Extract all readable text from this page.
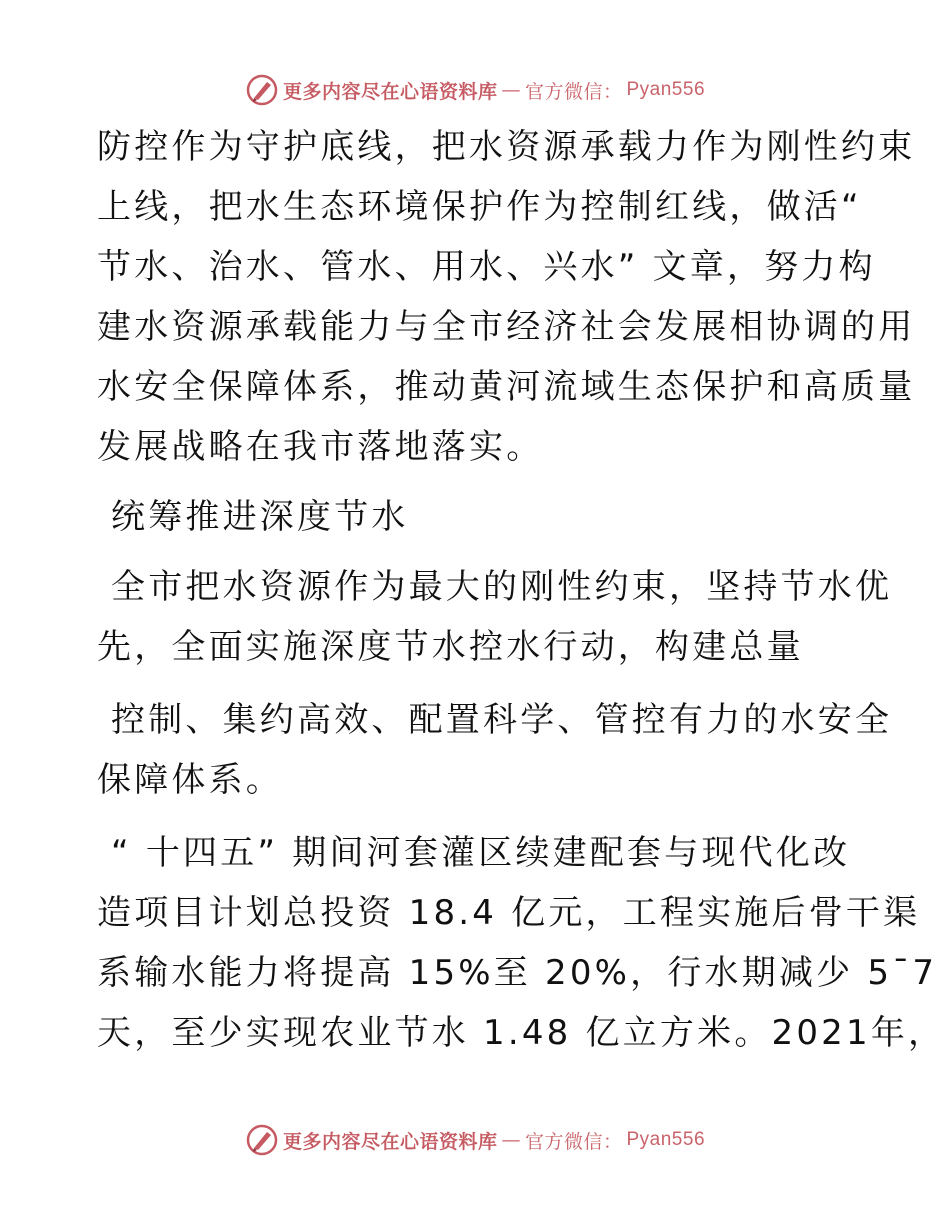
更多内容尽在心语资料库 — 官方微信： Pyan556
防控作为守护底线，把水资源承载力作为刚性约束
上线，把水生态环境保护作为控制红线，做活“
节水、治水、管水、用水、兴水” 文章，努力构
建水资源承载能力与全市经济社会发展相协调的用
水安全保障体系，推动黄河流域生态保护和高质量
发展战略在我市落地落实。
统筹推进深度节水
全市把水资源作为最大的刚性约束，坚持节水优
先，全面实施深度节水控水行动，构建总量
控制、集约高效、配置科学、管控有力的水安全
保障体系。
“ 十四五” 期间河套灌区续建配套与现代化改
造项目计划总投资 18.4 亿元，工程实施后骨干渠
系输水能力将提高 15%至 20%，行水期减少 5¯7
天，至少实现农业节水 1.48 亿立方米。2021年，
更多内容尽在心语资料库 — 官方微信： Pyan556
